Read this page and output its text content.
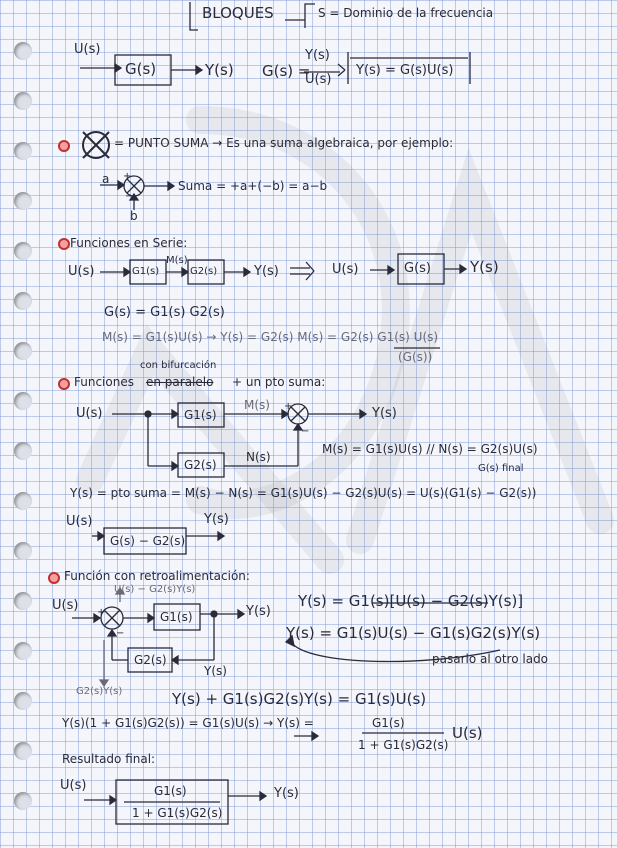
BLOQUES	S = Dominio de la frecuencia
U(s)
G(s)	Y(s) G(s) =
Y(s)
U(s)
Y(s) = G(s)U(s)
= PUNTO SUMA → Es una suma algebraica, por ejemplo:
a +
−
b
Suma = +a+(−b) = a−b
Funciones en Serie:
U(s)	G1(s)
M(s)
G2(s)	Y(s)	U(s)	G(s)	Y(s)
G(s) = G1(s) G2(s)
M(s) = G1(s)U(s) → Y(s) = G2(s) M(s) = G2(s) G1(s) U(s)
(G(s))
Funciones en paralelo + un pto suma:
con bifurcación
U(s)	G1(s)
M(s)
G2(s)
N(s)
+
−
Y(s)
M(s) = G1(s)U(s) // N(s) = G2(s)U(s)
G(s) final
Y(s) = pto suma = M(s) − N(s) = G1(s)U(s) − G2(s)U(s) = U(s)(G1(s) − G2(s))
U(s)
G(s) − G2(s)
Y(s)
Función con retroalimentación:
U(s)
U(s) − G2(s)Y(s)
+
−
G1(s)	Y(s)
G2(s)
Y(s)
G2(s)Y(s)
Y(s) = G1(s)[U(s) − G2(s)Y(s)]
Y(s) = G1(s)U(s) − G1(s)G2(s)Y(s)
pasarlo al otro lado
Y(s) + G1(s)G2(s)Y(s) = G1(s)U(s)
Y(s)(1 + G1(s)G2(s)) = G1(s)U(s) → Y(s) =	G1(s)
1 + G1(s)G2(s)
U(s)
Resultado final:
U(s)	G1(s)
1 + G1(s)G2(s)
Y(s)
